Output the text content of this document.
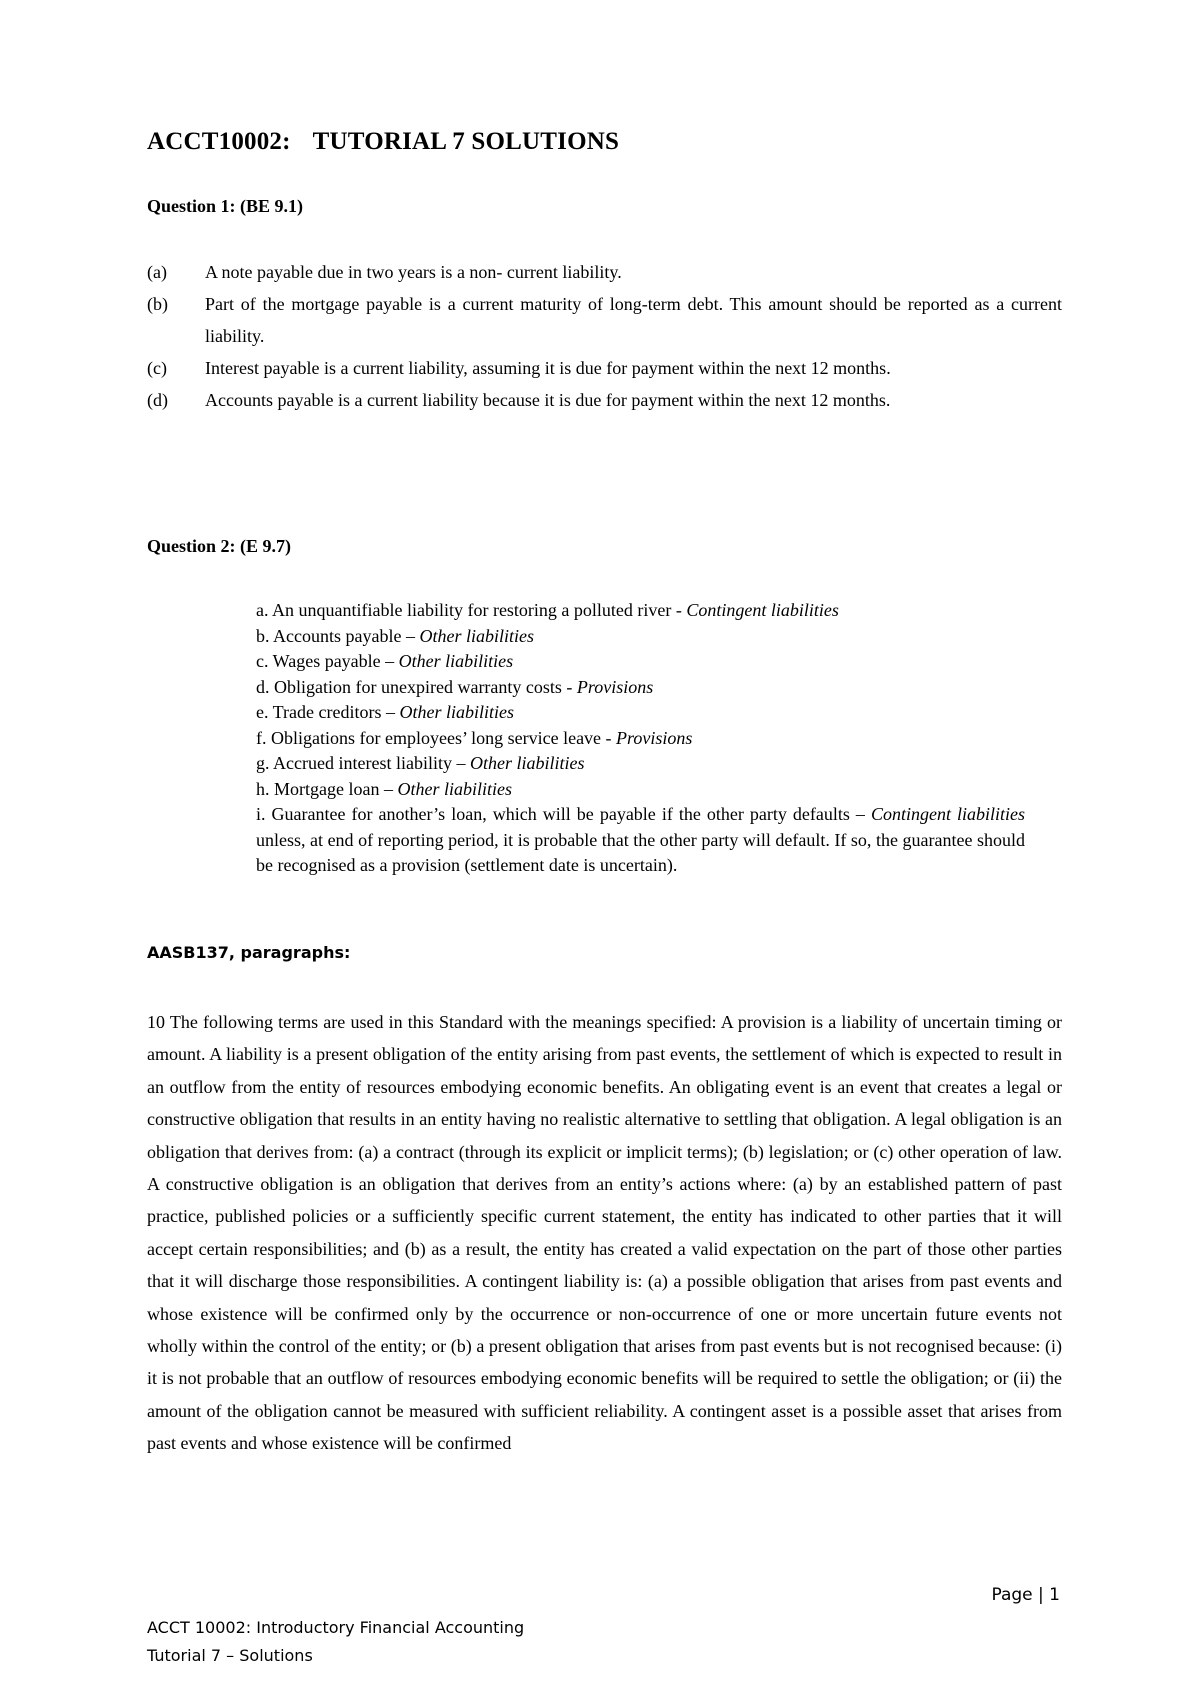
ACCT10002: TUTORIAL 7 SOLUTIONS
Question 1: (BE 9.1)
(a)	A note payable due in two years is a non- current liability.
(b)	Part of the mortgage payable is a current maturity of long-term debt. This amount should be reported as a current liability.
(c)	Interest payable is a current liability, assuming it is due for payment within the next 12 months.
(d)	Accounts payable is a current liability because it is due for payment within the next 12 months.
Question 2: (E 9.7)
a. An unquantifiable liability for restoring a polluted river - Contingent liabilities
b. Accounts payable – Other liabilities
c. Wages payable – Other liabilities
d. Obligation for unexpired warranty costs - Provisions
e. Trade creditors – Other liabilities
f. Obligations for employees’ long service leave - Provisions
g. Accrued interest liability – Other liabilities
h. Mortgage loan – Other liabilities
i. Guarantee for another’s loan, which will be payable if the other party defaults – Contingent liabilities unless, at end of reporting period, it is probable that the other party will default. If so, the guarantee should be recognised as a provision (settlement date is uncertain).
AASB137, paragraphs:
10 The following terms are used in this Standard with the meanings specified: A provision is a liability of uncertain timing or amount. A liability is a present obligation of the entity arising from past events, the settlement of which is expected to result in an outflow from the entity of resources embodying economic benefits. An obligating event is an event that creates a legal or constructive obligation that results in an entity having no realistic alternative to settling that obligation. A legal obligation is an obligation that derives from: (a) a contract (through its explicit or implicit terms); (b) legislation; or (c) other operation of law. A constructive obligation is an obligation that derives from an entity’s actions where: (a) by an established pattern of past practice, published policies or a sufficiently specific current statement, the entity has indicated to other parties that it will accept certain responsibilities; and (b) as a result, the entity has created a valid expectation on the part of those other parties that it will discharge those responsibilities. A contingent liability is: (a) a possible obligation that arises from past events and whose existence will be confirmed only by the occurrence or non-occurrence of one or more uncertain future events not wholly within the control of the entity; or (b) a present obligation that arises from past events but is not recognised because: (i) it is not probable that an outflow of resources embodying economic benefits will be required to settle the obligation; or (ii) the amount of the obligation cannot be measured with sufficient reliability. A contingent asset is a possible asset that arises from past events and whose existence will be confirmed
Page | 1
ACCT 10002: Introductory Financial Accounting
Tutorial 7 – Solutions
